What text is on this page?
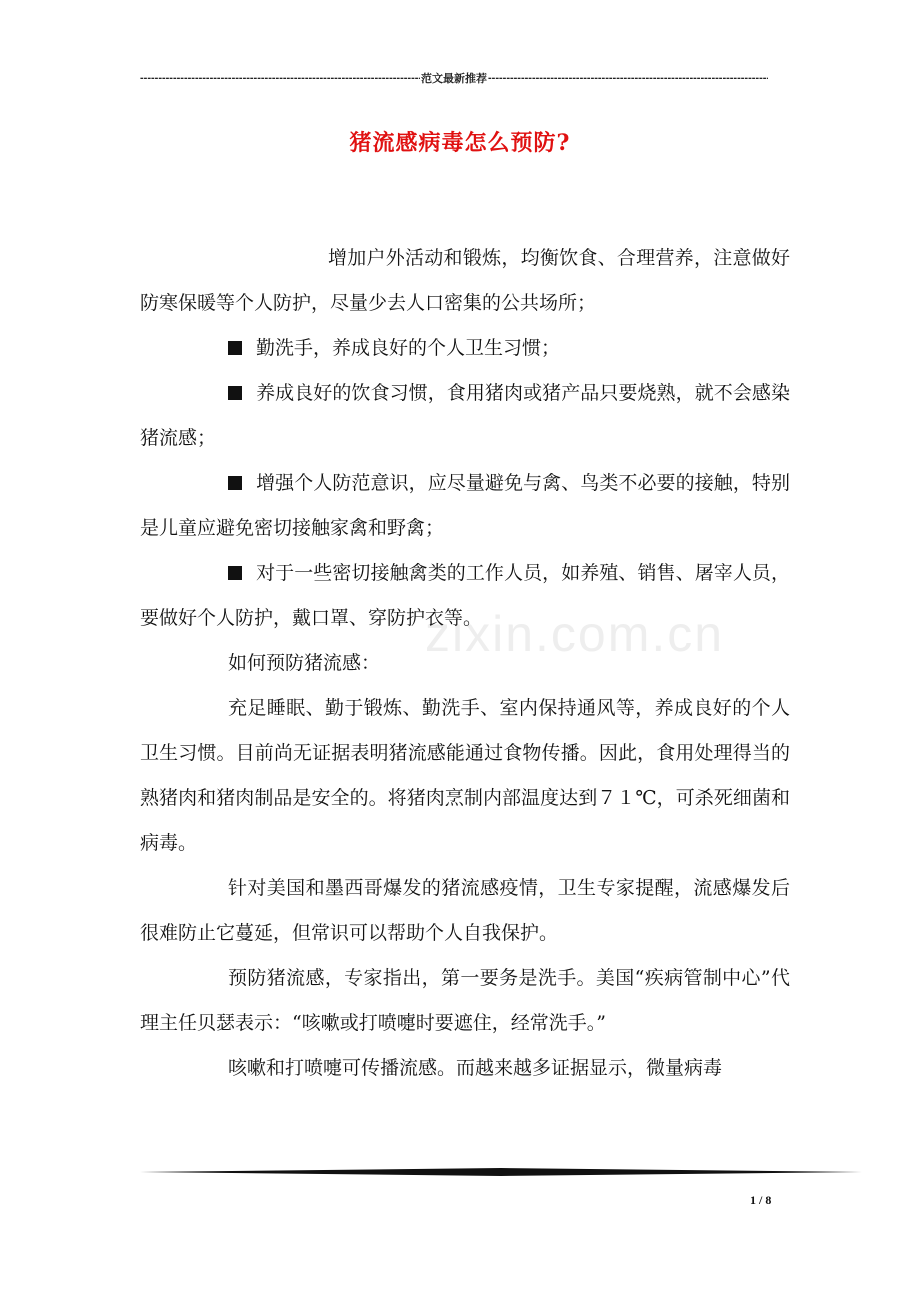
-----
范文最新推荐
-----
猪流感病毒怎么预防?

增加户外活动和锻炼，均衡饮食、合理营养，注意做好防寒保暖等个人防护，尽量少去人口密集的公共场所；

勤洗手，养成良好的个人卫生习惯；

养成良好的饮食习惯，食用猪肉或猪产品只要烧熟，就不会感染猪流感；

增强个人防范意识，应尽量避免与禽、鸟类不必要的接触，特别是儿童应避免密切接触家禽和野禽；

对于一些密切接触禽类的工作人员，如养殖、销售、屠宰人员，要做好个人防护，戴口罩、穿防护衣等。

如何预防猪流感：

充足睡眠、勤于锻炼、勤洗手、室内保持通风等，养成良好的个人卫生习惯。目前尚无证据表明猪流感能通过食物传播。因此，食用处理得当的熟猪肉和猪肉制品是安全的。将猪肉烹制内部温度达到７１℃，可杀死细菌和病毒。

针对美国和墨西哥爆发的猪流感疫情，卫生专家提醒，流感爆发后很难防止它蔓延，但常识可以帮助个人自我保护。

预防猪流感，专家指出，第一要务是洗手。美国“疾病管制中心”代理主任贝瑟表示：“咳嗽或打喷嚏时要遮住，经常洗手。”

咳嗽和打喷嚏可传播流感。而越来越多证据显示，微量病毒

zixin.com.cn
1 / 8
